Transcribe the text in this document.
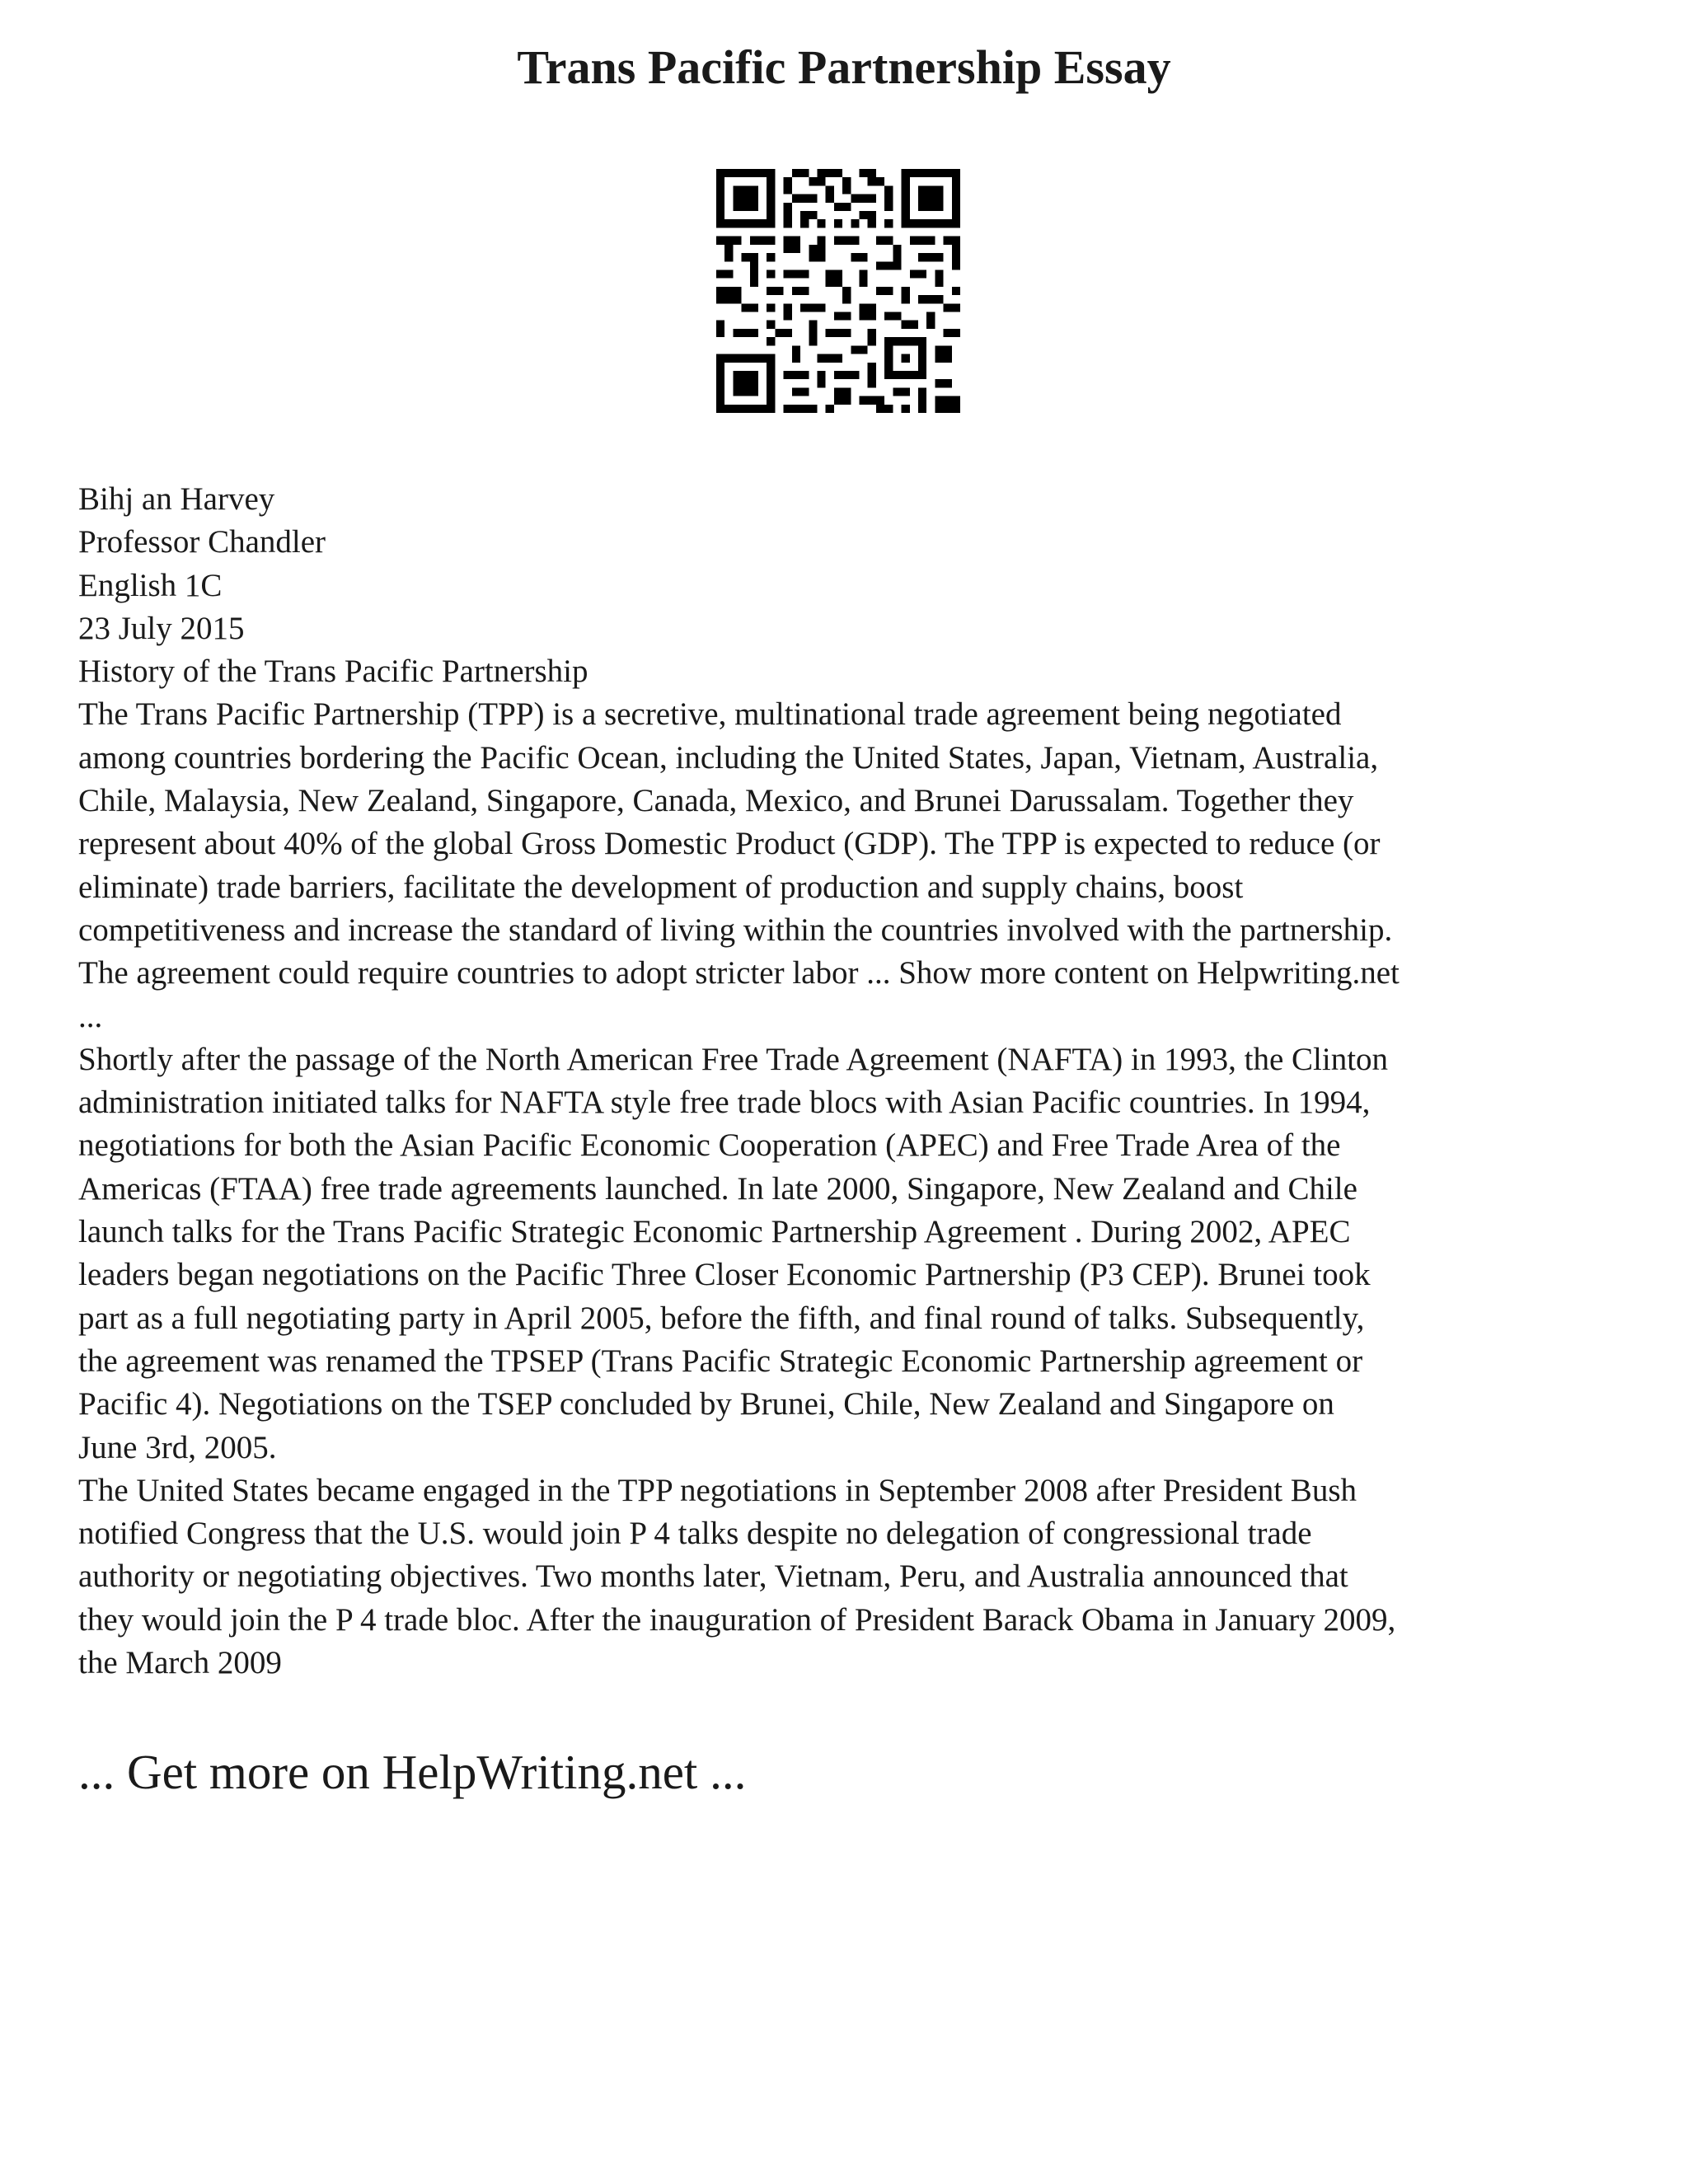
Trans Pacific Partnership Essay
Bihj an Harvey
Professor Chandler
English 1C
23 July 2015
History of the Trans Pacific Partnership
The Trans Pacific Partnership (TPP) is a secretive, multinational trade agreement being negotiated
among countries bordering the Pacific Ocean, including the United States, Japan, Vietnam, Australia,
Chile, Malaysia, New Zealand, Singapore, Canada, Mexico, and Brunei Darussalam. Together they
represent about 40% of the global Gross Domestic Product (GDP). The TPP is expected to reduce (or
eliminate) trade barriers, facilitate the development of production and supply chains, boost
competitiveness and increase the standard of living within the countries involved with the partnership.
The agreement could require countries to adopt stricter labor ... Show more content on Helpwriting.net
...
Shortly after the passage of the North American Free Trade Agreement (NAFTA) in 1993, the Clinton
administration initiated talks for NAFTA style free trade blocs with Asian Pacific countries. In 1994,
negotiations for both the Asian Pacific Economic Cooperation (APEC) and Free Trade Area of the
Americas (FTAA) free trade agreements launched. In late 2000, Singapore, New Zealand and Chile
launch talks for the Trans Pacific Strategic Economic Partnership Agreement . During 2002, APEC
leaders began negotiations on the Pacific Three Closer Economic Partnership (P3 CEP). Brunei took
part as a full negotiating party in April 2005, before the fifth, and final round of talks. Subsequently,
the agreement was renamed the TPSEP (Trans Pacific Strategic Economic Partnership agreement or
Pacific 4). Negotiations on the TSEP concluded by Brunei, Chile, New Zealand and Singapore on
June 3rd, 2005.
The United States became engaged in the TPP negotiations in September 2008 after President Bush
notified Congress that the U.S. would join P 4 talks despite no delegation of congressional trade
authority or negotiating objectives. Two months later, Vietnam, Peru, and Australia announced that
they would join the P 4 trade bloc. After the inauguration of President Barack Obama in January 2009,
the March 2009
... Get more on HelpWriting.net ...
